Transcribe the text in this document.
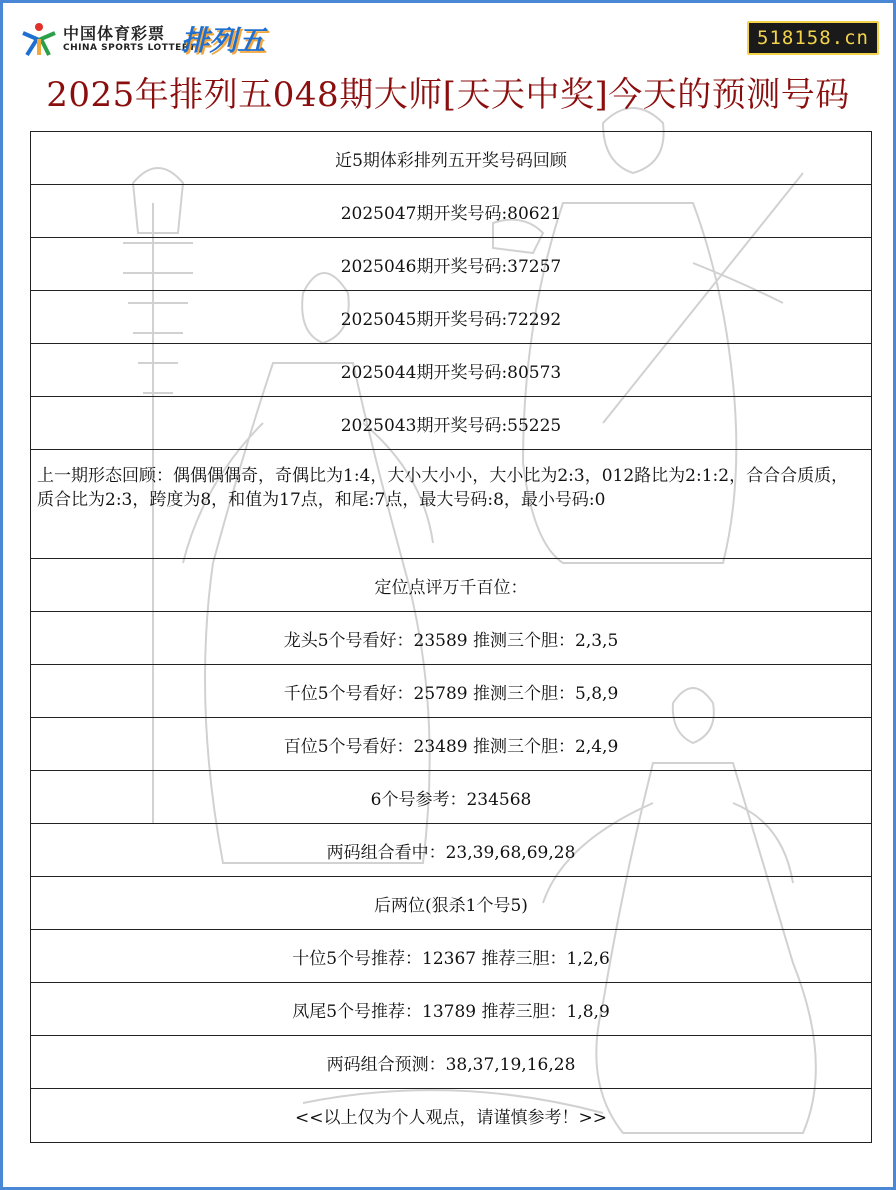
中国体育彩票
CHINA SPORTS LOTTERY
排列五	518158.cn
2025年排列五048期大师[天天中奖]今天的预测号码
近5期体彩排列五开奖号码回顾
2025047期开奖号码:80621
2025046期开奖号码:37257
2025045期开奖号码:72292
2025044期开奖号码:80573
2025043期开奖号码:55225
上一期形态回顾：偶偶偶偶奇，奇偶比为1:4，大小大小小，大小比为2:3，012路比为2:1:2，合合合质质，质合比为2:3，跨度为8，和值为17点，和尾:7点，最大号码:8，最小号码:0
定位点评万千百位：
龙头5个号看好：23589 推测三个胆：2,3,5
千位5个号看好：25789 推测三个胆：5,8,9
百位5个号看好：23489 推测三个胆：2,4,9
6个号参考：234568
两码组合看中：23,39,68,69,28
后两位(狠杀1个号5)
十位5个号推荐：12367 推荐三胆：1,2,6
凤尾5个号推荐：13789 推荐三胆：1,8,9
两码组合预测：38,37,19,16,28
<<以上仅为个人观点，请谨慎参考！>>
